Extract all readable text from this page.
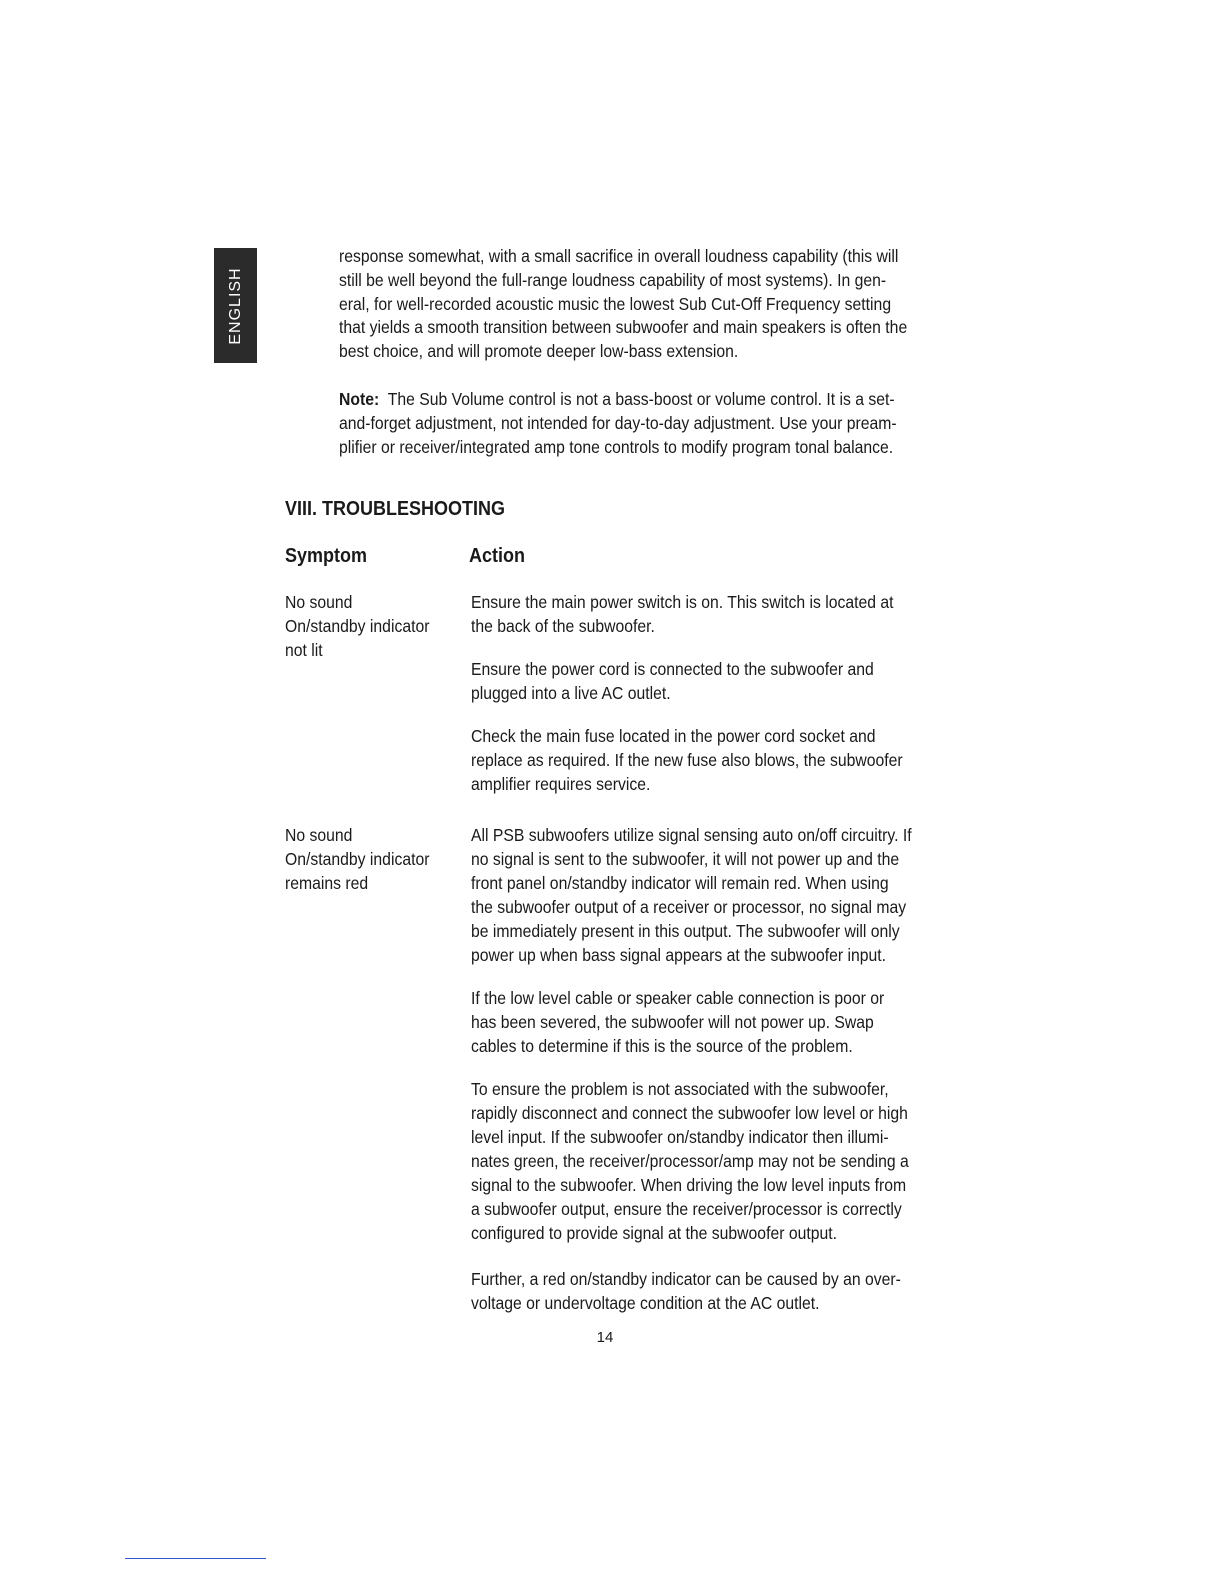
ENGLISH

response somewhat, with a small sacrifice in overall loudness capability (this will
still be well beyond the full-range loudness capability of most systems). In gen-
eral, for well-recorded acoustic music the lowest Sub Cut-Off Frequency setting
that yields a smooth transition between subwoofer and main speakers is often the
best choice, and will promote deeper low-bass extension.

Note: The Sub Volume control is not a bass-boost or volume control. It is a set-
and-forget adjustment, not intended for day-to-day adjustment. Use your pream-
plifier or receiver/integrated amp tone controls to modify program tonal balance.

VIII. TROUBLESHOOTING
Symptom	Action
No sound
On/standby indicator
not lit

Ensure the main power switch is on. This switch is located at
the back of the subwoofer.

Ensure the power cord is connected to the subwoofer and
plugged into a live AC outlet.

Check the main fuse located in the power cord socket and
replace as required. If the new fuse also blows, the subwoofer
amplifier requires service.

No sound
On/standby indicator
remains red

All PSB subwoofers utilize signal sensing auto on/off circuitry. If
no signal is sent to the subwoofer, it will not power up and the
front panel on/standby indicator will remain red. When using
the subwoofer output of a receiver or processor, no signal may
be immediately present in this output. The subwoofer will only
power up when bass signal appears at the subwoofer input.

If the low level cable or speaker cable connection is poor or
has been severed, the subwoofer will not power up. Swap
cables to determine if this is the source of the problem.

To ensure the problem is not associated with the subwoofer,
rapidly disconnect and connect the subwoofer low level or high
level input. If the subwoofer on/standby indicator then illumi-
nates green, the receiver/processor/amp may not be sending a
signal to the subwoofer. When driving the low level inputs from
a subwoofer output, ensure the receiver/processor is correctly
configured to provide signal at the subwoofer output.

Further, a red on/standby indicator can be caused by an over-
voltage or undervoltage condition at the AC outlet.

14
